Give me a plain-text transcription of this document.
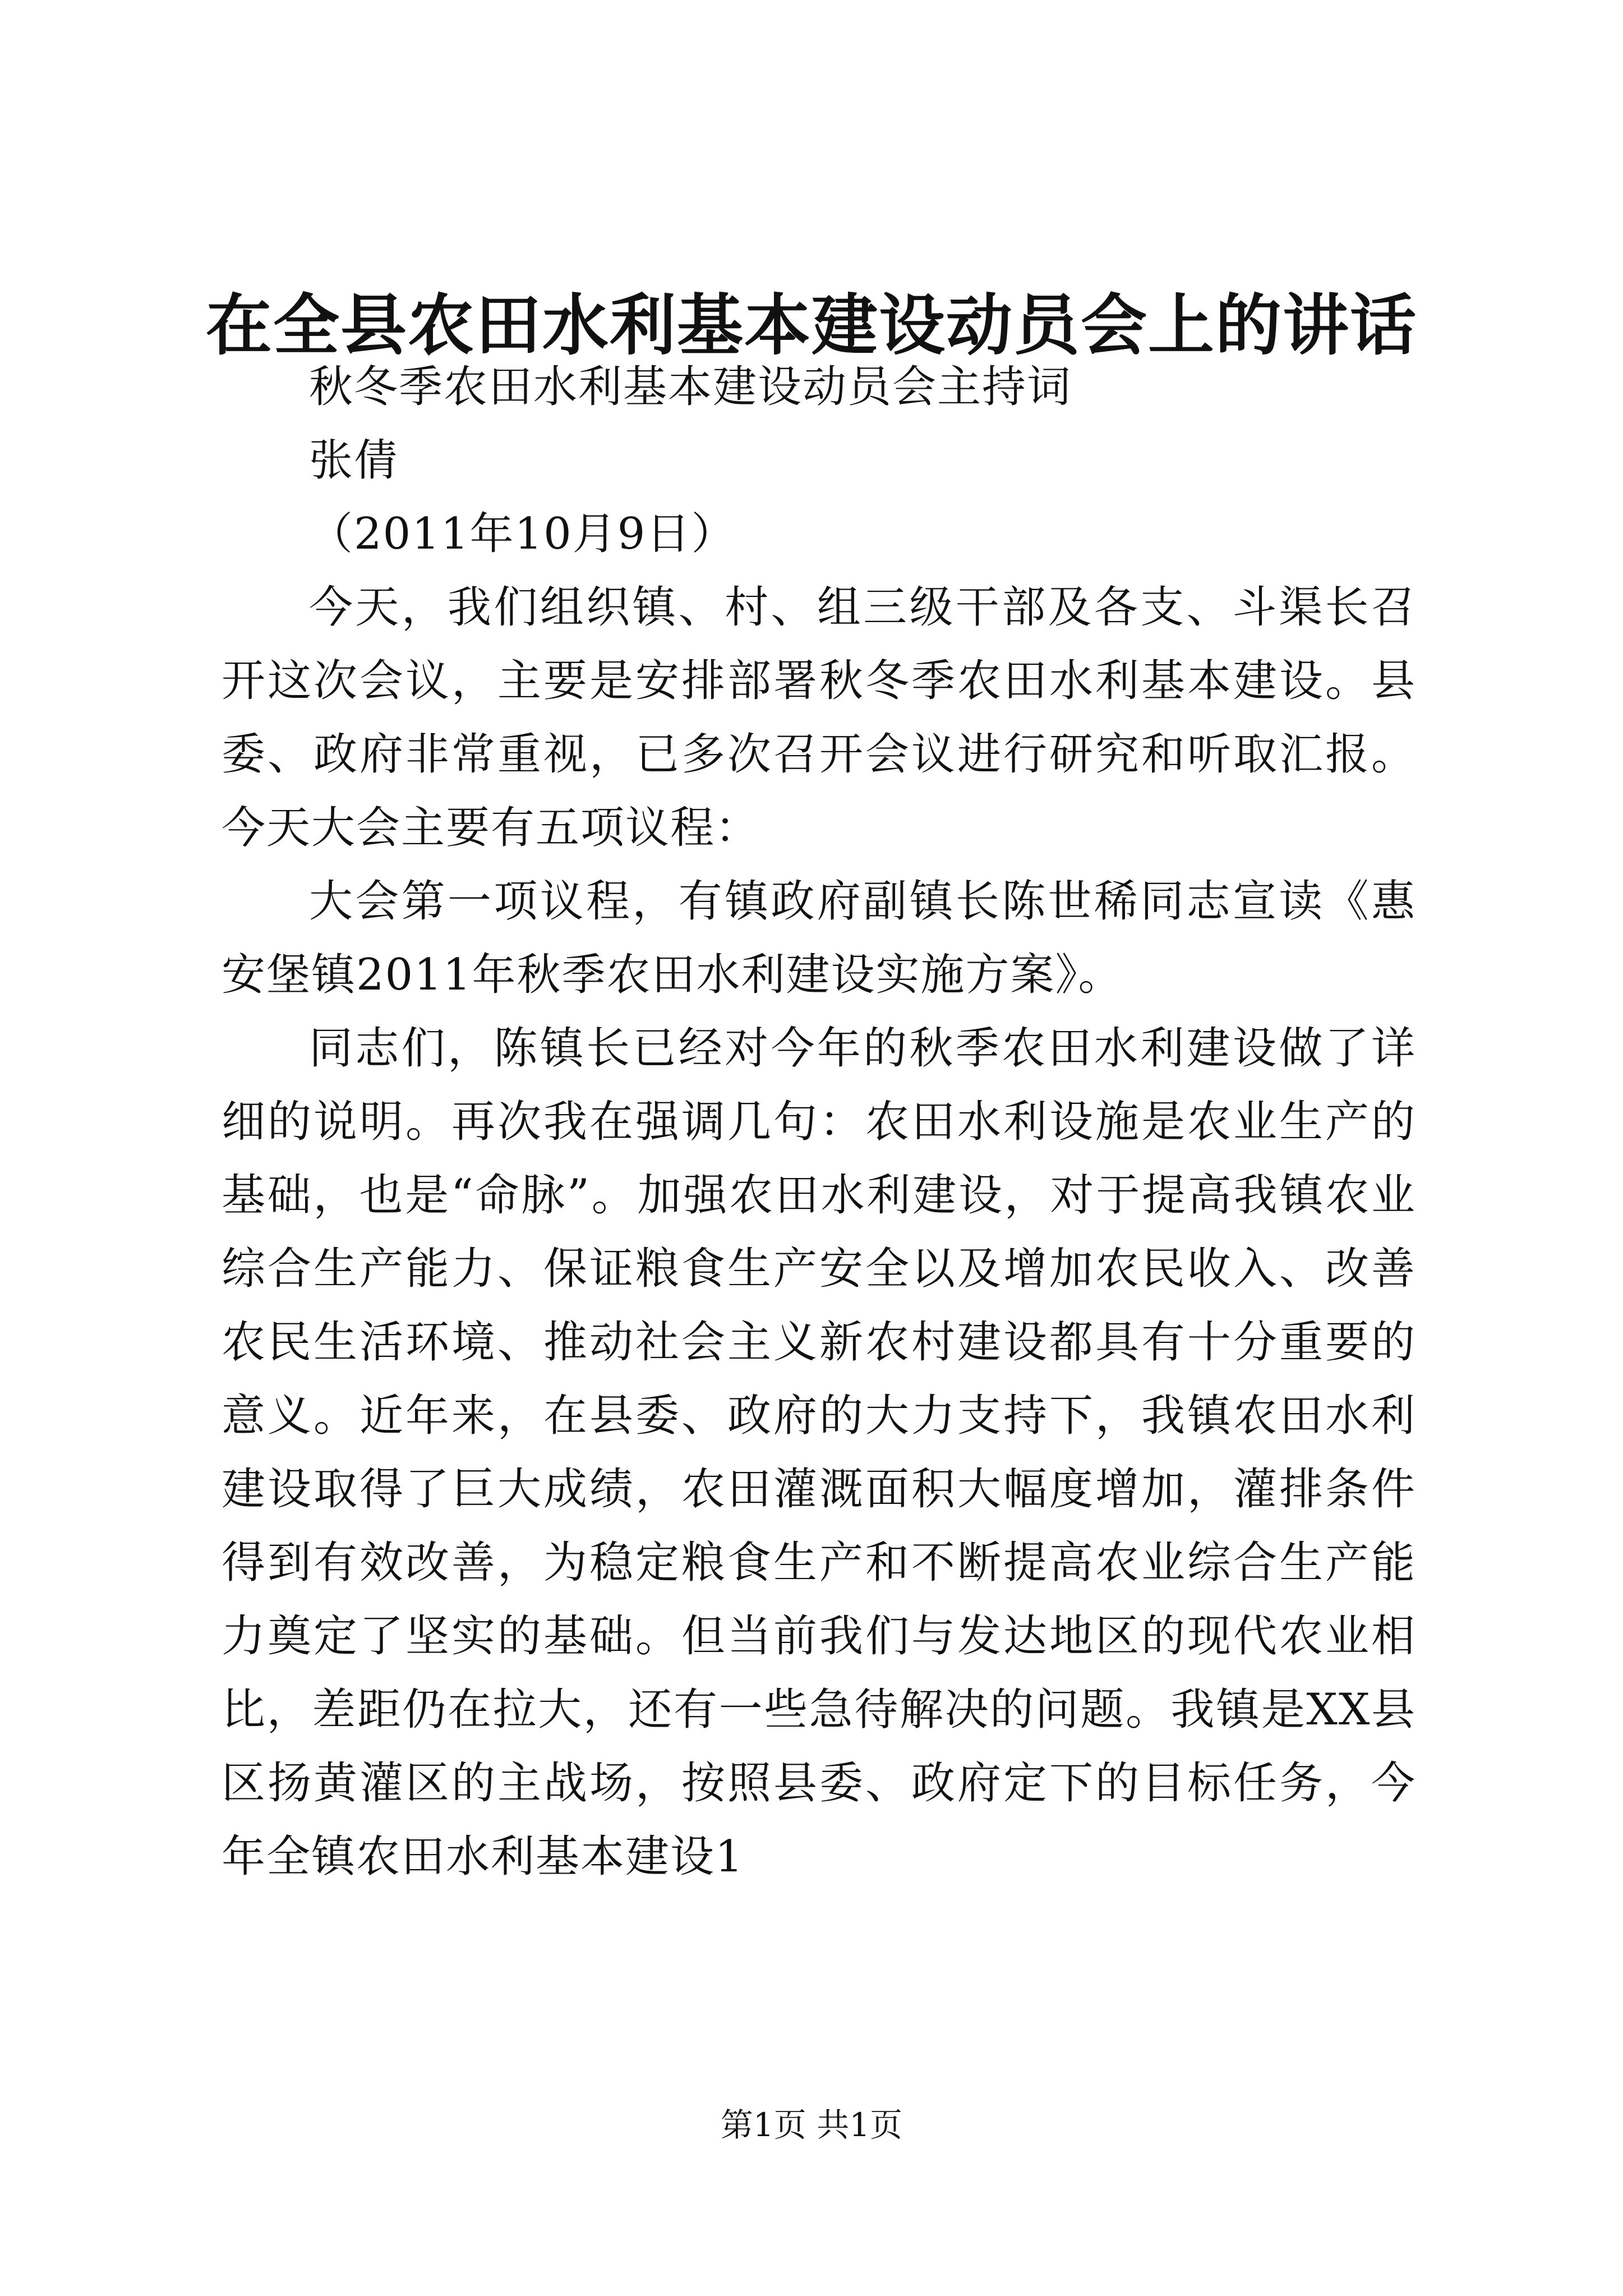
在全县农田水利基本建设动员会上的讲话

秋冬季农田水利基本建设动员会主持词

张倩

（2011年10月9日）

今天，我们组织镇、村、组三级干部及各支、斗渠长召开这次会议，主要是安排部署秋冬季农田水利基本建设。县委、政府非常重视，已多次召开会议进行研究和听取汇报。今天大会主要有五项议程：

大会第一项议程，有镇政府副镇长陈世稀同志宣读《惠安堡镇2011年秋季农田水利建设实施方案》。

同志们，陈镇长已经对今年的秋季农田水利建设做了详细的说明。再次我在强调几句：农田水利设施是农业生产的基础，也是“命脉”。加强农田水利建设，对于提高我镇农业综合生产能力、保证粮食生产安全以及增加农民收入、改善农民生活环境、推动社会主义新农村建设都具有十分重要的意义。近年来，在县委、政府的大力支持下，我镇农田水利建设取得了巨大成绩，农田灌溉面积大幅度增加，灌排条件得到有效改善，为稳定粮食生产和不断提高农业综合生产能力奠定了坚实的基础。但当前我们与发达地区的现代农业相比，差距仍在拉大，还有一些急待解决的问题。我镇是XX县区扬黄灌区的主战场，按照县委、政府定下的目标任务，今年全镇农田水利基本建设1

第1页 共1页
